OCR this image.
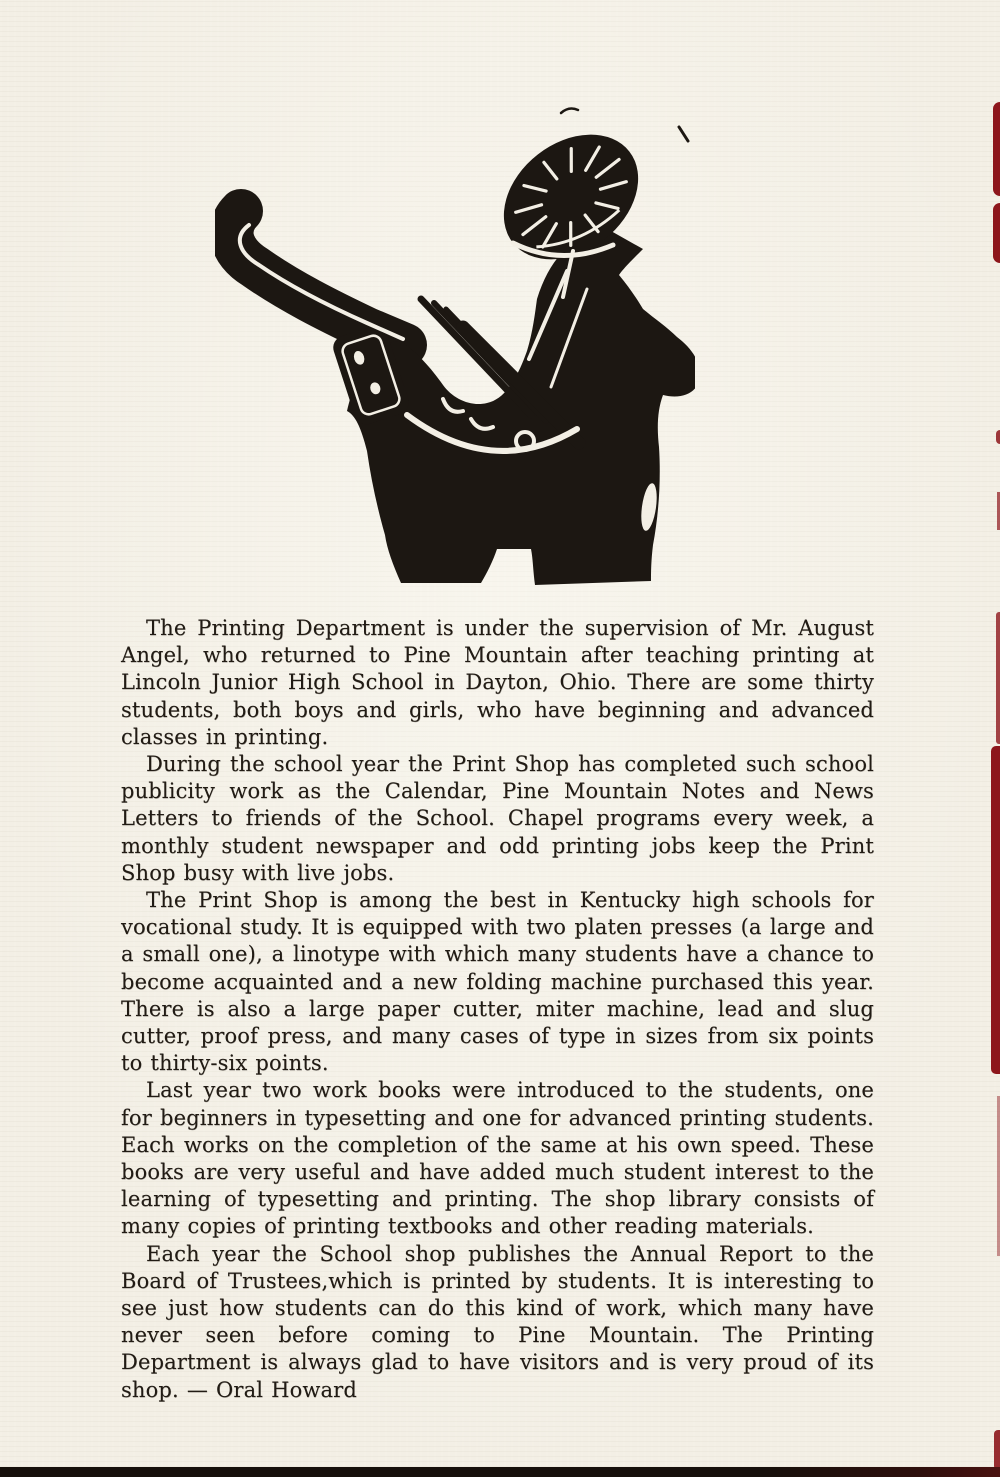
The Printing Department is under the supervision of Mr. August Angel, who returned to Pine Mountain after teaching printing at Lincoln Junior High School in Dayton, Ohio. There are some thirty students, both boys and girls, who have beginning and advanced classes in printing.

During the school year the Print Shop has completed such school publicity work as the Calendar, Pine Mountain Notes and News Letters to friends of the School. Chapel programs every week, a monthly student newspaper and odd printing jobs keep the Print Shop busy with live jobs.

The Print Shop is among the best in Kentucky high schools for vocational study. It is equipped with two platen presses (a large and a small one), a linotype with which many students have a chance to become acquainted and a new folding machine purchased this year. There is also a large paper cutter, miter machine, lead and slug cutter, proof press, and many cases of type in sizes from six points to thirty-six points.

Last year two work books were introduced to the students, one for beginners in typesetting and one for advanced printing students. Each works on the completion of the same at his own speed. These books are very useful and have added much student interest to the learning of typesetting and printing. The shop library consists of many copies of printing textbooks and other reading materials.

Each year the School shop publishes the Annual Report to the Board of Trustees,which is printed by students. It is interesting to see just how students can do this kind of work, which many have never seen before coming to Pine Mountain. The Printing Department is always glad to have visitors and is very proud of its shop. — Oral Howard
